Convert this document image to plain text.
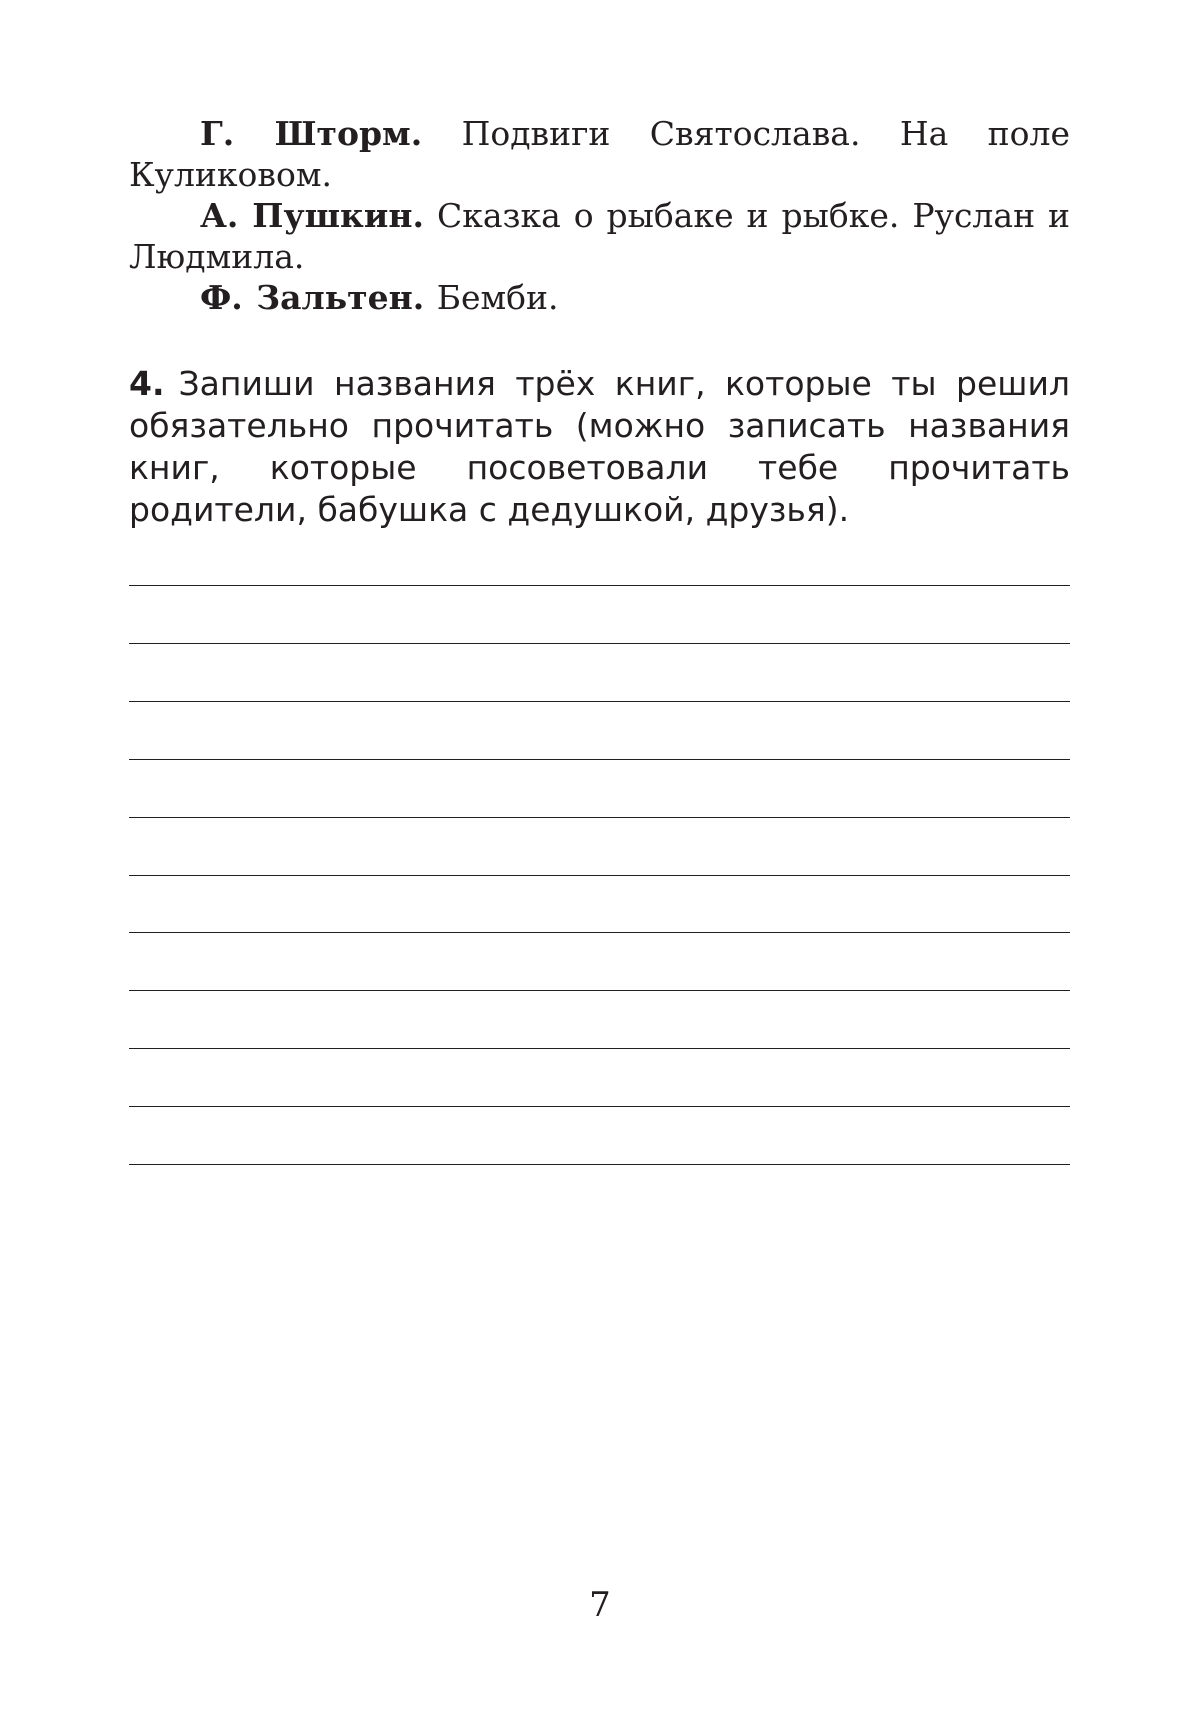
Г. Шторм. Подвиги Святослава. На поле Куликовом.

А. Пушкин. Сказка о рыбаке и рыбке. Руслан и Людмила.

Ф. Зальтен. Бемби.

4. Запиши названия трёх книг, которые ты решил обязательно прочитать (можно записать названия книг, которые посоветовали тебе прочитать родители, бабушка с дедушкой, друзья).
7
